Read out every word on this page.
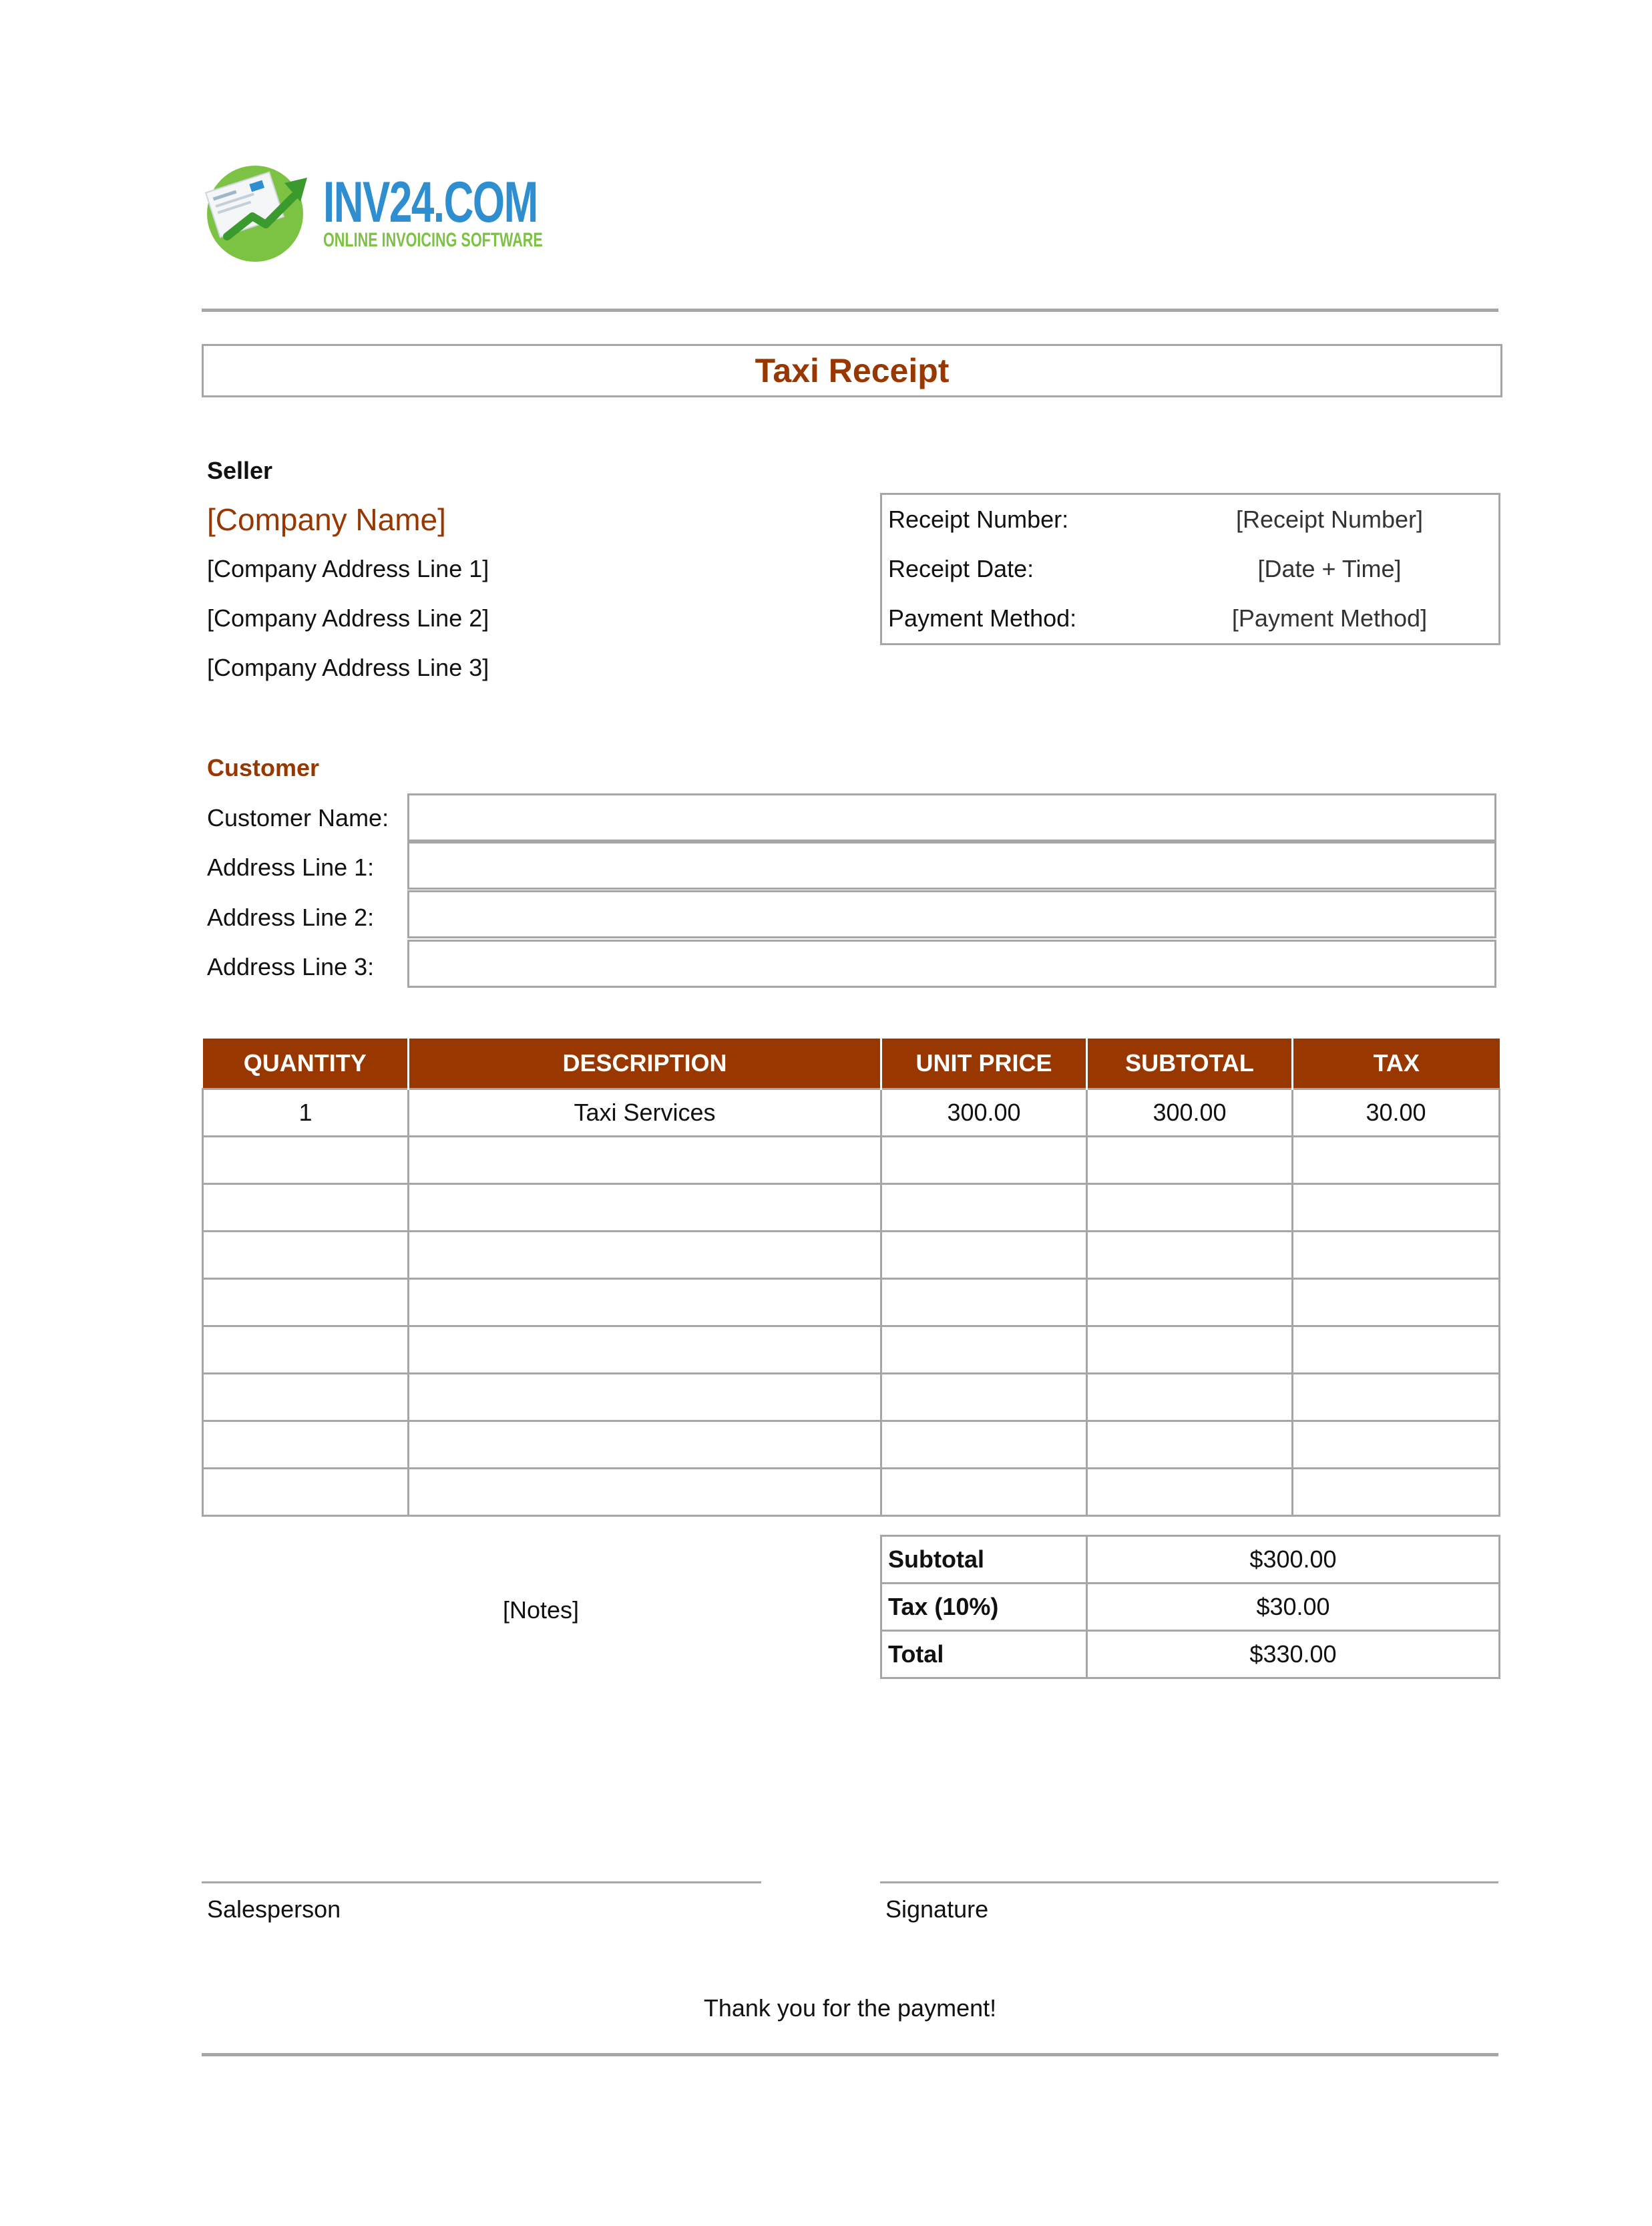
INV24.COM
ONLINE INVOICING SOFTWARE
Taxi Receipt
Seller
[Company Name]
[Company Address Line 1]
[Company Address Line 2]
[Company Address Line 3]
Receipt Number:	[Receipt Number]
Receipt Date:	[Date + Time]
Payment Method:	[Payment Method]
Customer
Customer Name:
Address Line 1:
Address Line 2:
Address Line 3:
QUANTITY	DESCRIPTION	UNIT PRICE	SUBTOTAL	TAX
1	Taxi Services	300.00	300.00	30.00

[Notes]
Subtotal	$300.00
Tax (10%)	$30.00
Total	$330.00
Salesperson	Signature
Thank you for the payment!
